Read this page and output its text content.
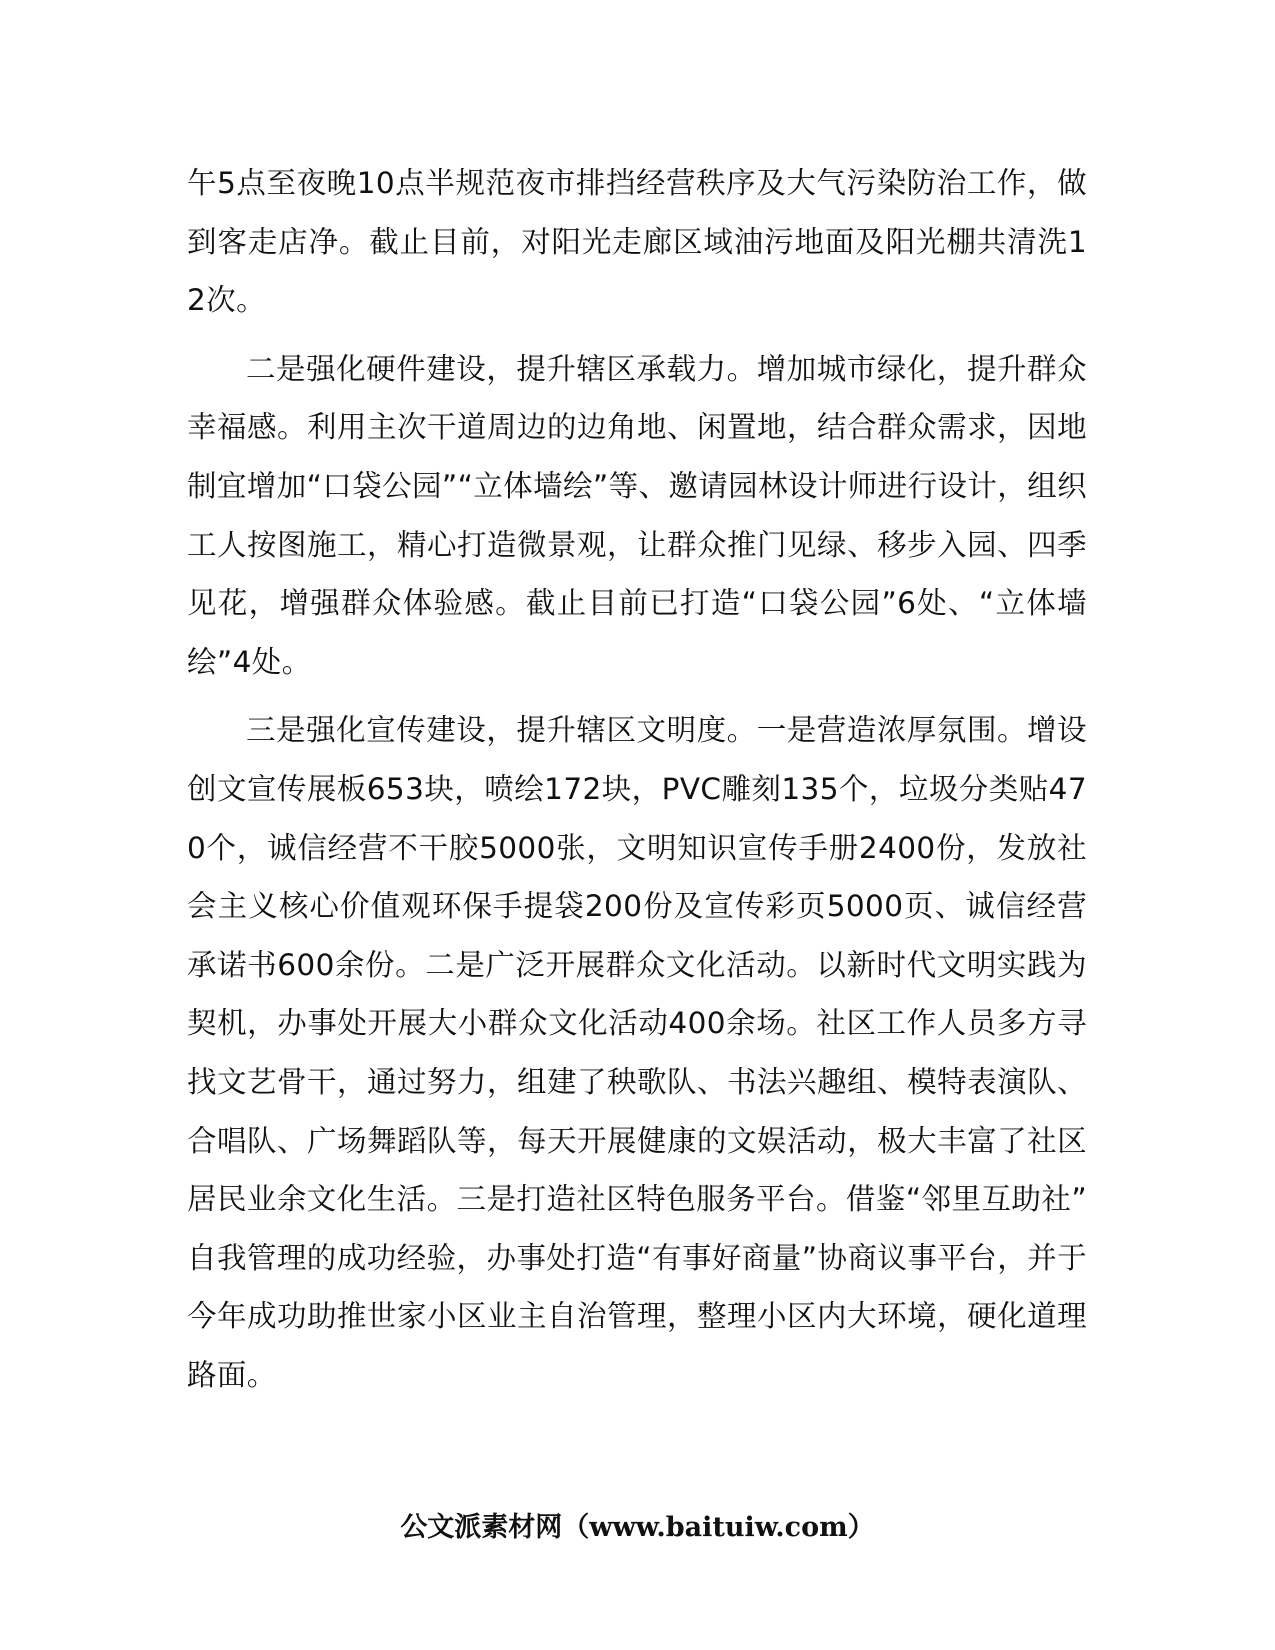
午5点至夜晚10点半规范夜市排挡经营秩序及大气污染防治工作，做到客走店净。截止目前，对阳光走廊区域油污地面及阳光棚共清洗12次。

二是强化硬件建设，提升辖区承载力。增加城市绿化，提升群众幸福感。利用主次干道周边的边角地、闲置地，结合群众需求，因地制宜增加“口袋公园”“立体墙绘”等、邀请园林设计师进行设计，组织工人按图施工，精心打造微景观，让群众推门见绿、移步入园、四季见花，增强群众体验感。截止目前已打造“口袋公园”6处、“立体墙绘”4处。

三是强化宣传建设，提升辖区文明度。一是营造浓厚氛围。增设创文宣传展板653块，喷绘172块，PVC雕刻135个，垃圾分类贴470个，诚信经营不干胶5000张，文明知识宣传手册2400份，发放社会主义核心价值观环保手提袋200份及宣传彩页5000页、诚信经营承诺书600余份。二是广泛开展群众文化活动。以新时代文明实践为契机，办事处开展大小群众文化活动400余场。社区工作人员多方寻找文艺骨干，通过努力，组建了秧歌队、书法兴趣组、模特表演队、合唱队、广场舞蹈队等，每天开展健康的文娱活动，极大丰富了社区居民业余文化生活。三是打造社区特色服务平台。借鉴“邻里互助社”自我管理的成功经验，办事处打造“有事好商量”协商议事平台，并于今年成功助推世家小区业主自治管理，整理小区内大环境，硬化道理路面。

公文派素材网（www.baituiw.com）
